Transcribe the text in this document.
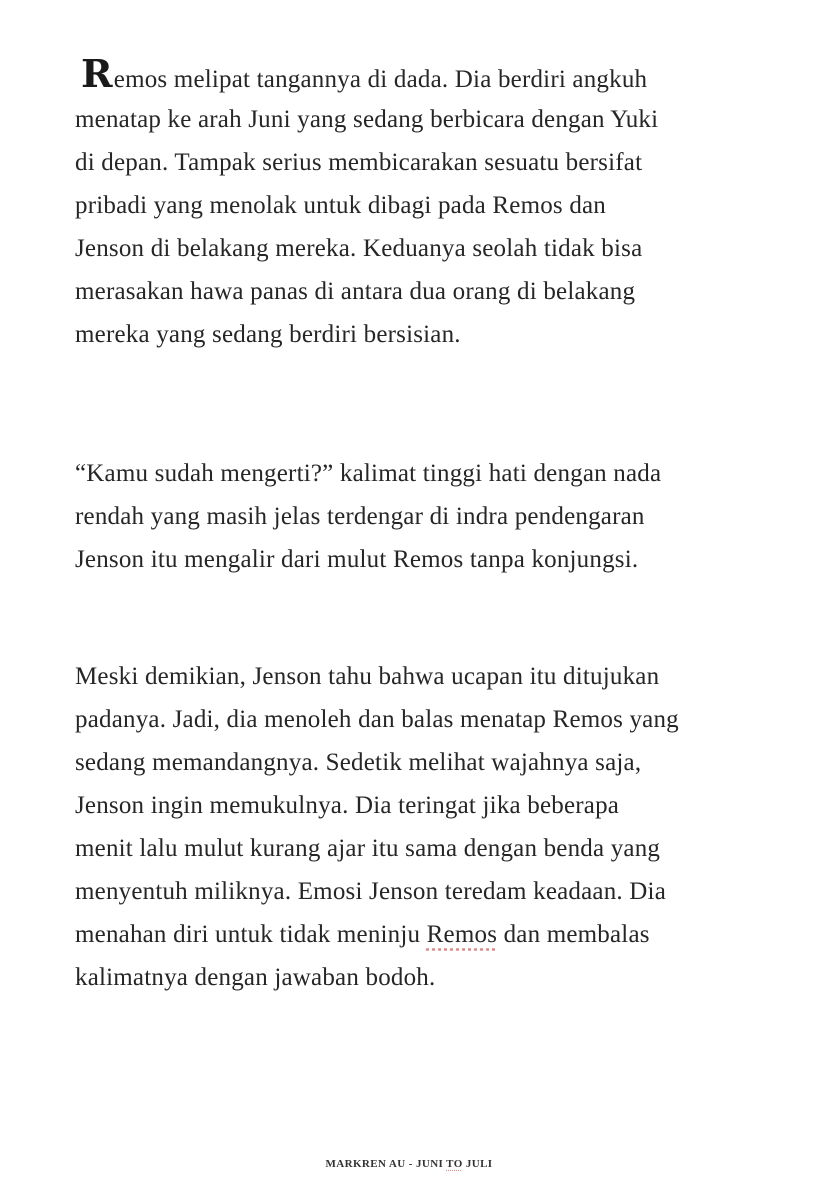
Remos melipat tangannya di dada. Dia berdiri angkuh
menatap ke arah Juni yang sedang berbicara dengan Yuki
di depan. Tampak serius membicarakan sesuatu bersifat
pribadi yang menolak untuk dibagi pada Remos dan
Jenson di belakang mereka. Keduanya seolah tidak bisa
merasakan hawa panas di antara dua orang di belakang
mereka yang sedang berdiri bersisian.
“Kamu sudah mengerti?” kalimat tinggi hati dengan nada
rendah yang masih jelas terdengar di indra pendengaran
Jenson itu mengalir dari mulut Remos tanpa konjungsi.
Meski demikian, Jenson tahu bahwa ucapan itu ditujukan
padanya. Jadi, dia menoleh dan balas menatap Remos yang
sedang memandangnya. Sedetik melihat wajahnya saja,
Jenson ingin memukulnya. Dia teringat jika beberapa
menit lalu mulut kurang ajar itu sama dengan benda yang
menyentuh miliknya. Emosi Jenson teredam keadaan. Dia
menahan diri untuk tidak meninju Remos dan membalas
kalimatnya dengan jawaban bodoh.
MARKREN AU - JUNI TO JULI
